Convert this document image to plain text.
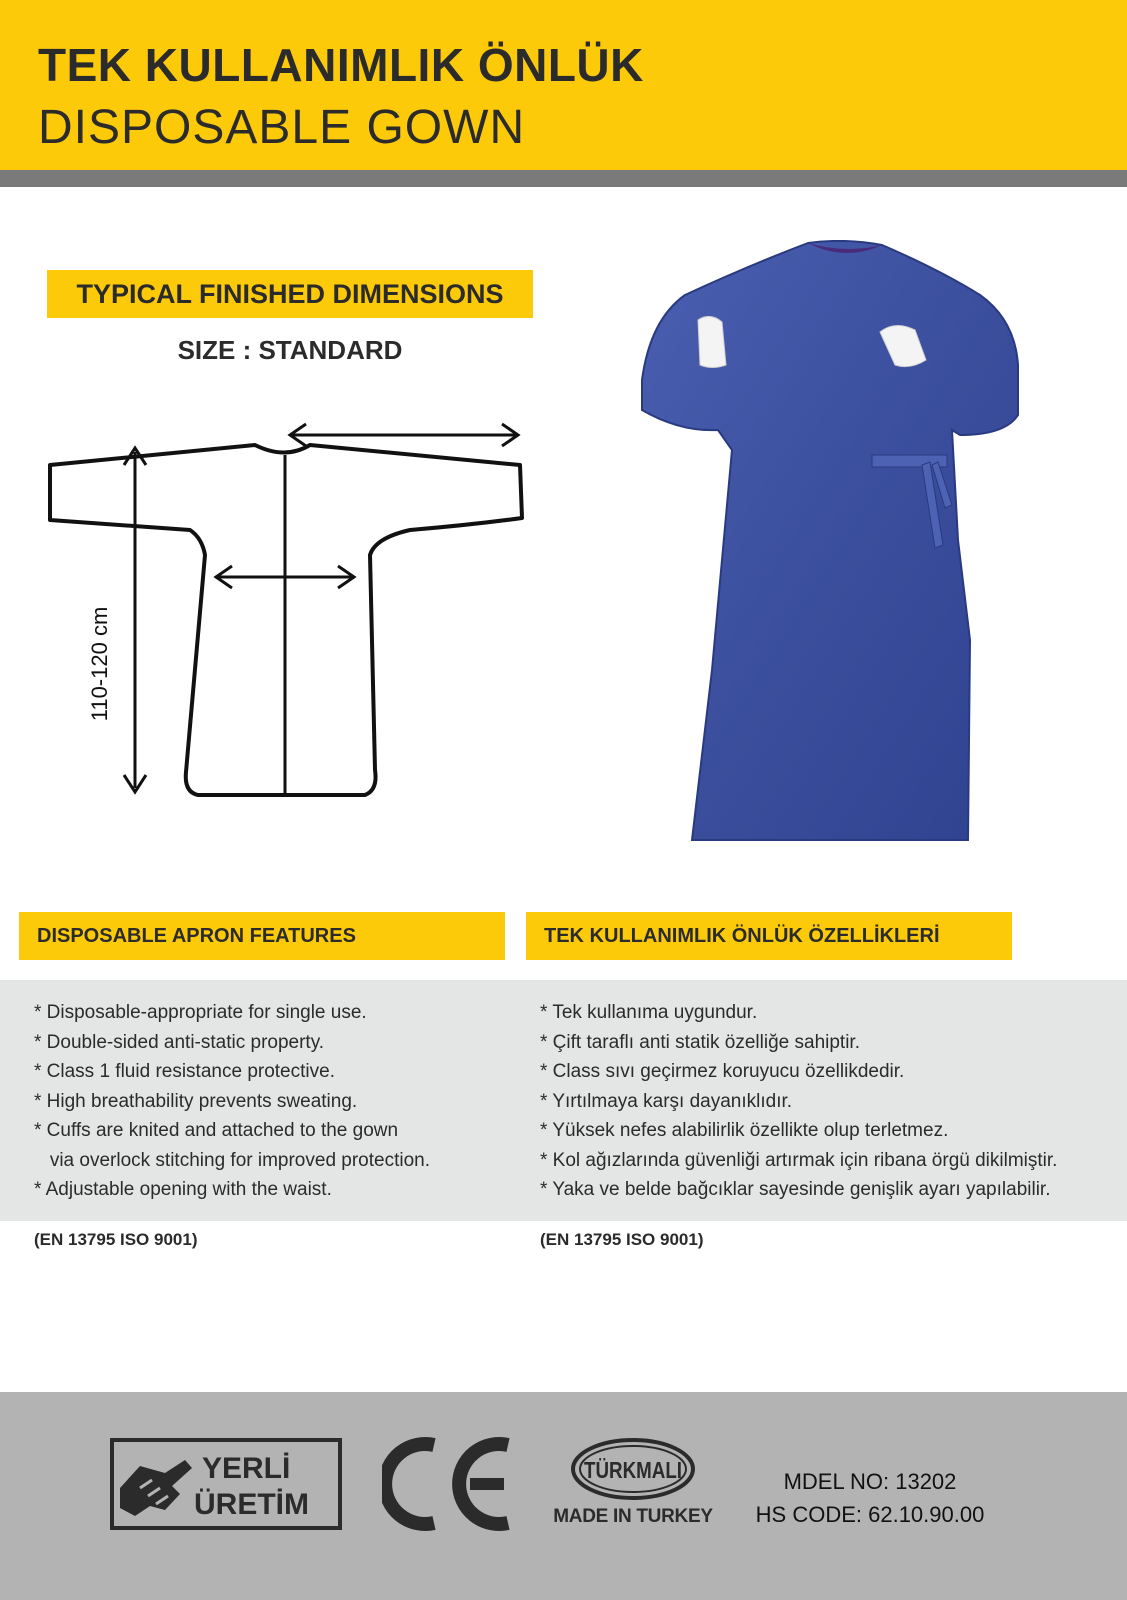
TEK KULLANIMLIK ÖNLÜK
DISPOSABLE GOWN
TYPICAL FINISHED DIMENSIONS
SIZE : STANDARD
110-120 cm
DISPOSABLE APRON FEATURES	TEK KULLANIMLIK ÖNLÜK ÖZELLİKLERİ
* Disposable-appropriate for single use.
* Double-sided anti-static property.
* Class 1 fluid resistance protective.
* High breathability prevents sweating.
* Cuffs are knited and attached to the gown
via overlock stitching for improved protection.
* Adjustable opening with the waist.
* Tek kullanıma uygundur.
* Çift taraflı anti statik özelliğe sahiptir.
* Class sıvı geçirmez koruyucu özellikdedir.
* Yırtılmaya karşı dayanıklıdır.
* Yüksek nefes alabilirlik özellikte olup terletmez.
* Kol ağızlarında güvenliği artırmak için ribana örgü dikilmiştir.
* Yaka ve belde bağcıklar sayesinde genişlik ayarı yapılabilir.
(EN 13795 ISO 9001)	(EN 13795 ISO 9001)
YERLİ
ÜRETİM
TÜRKMALI
MADE IN TURKEY
MDEL NO: 13202
HS CODE: 62.10.90.00
